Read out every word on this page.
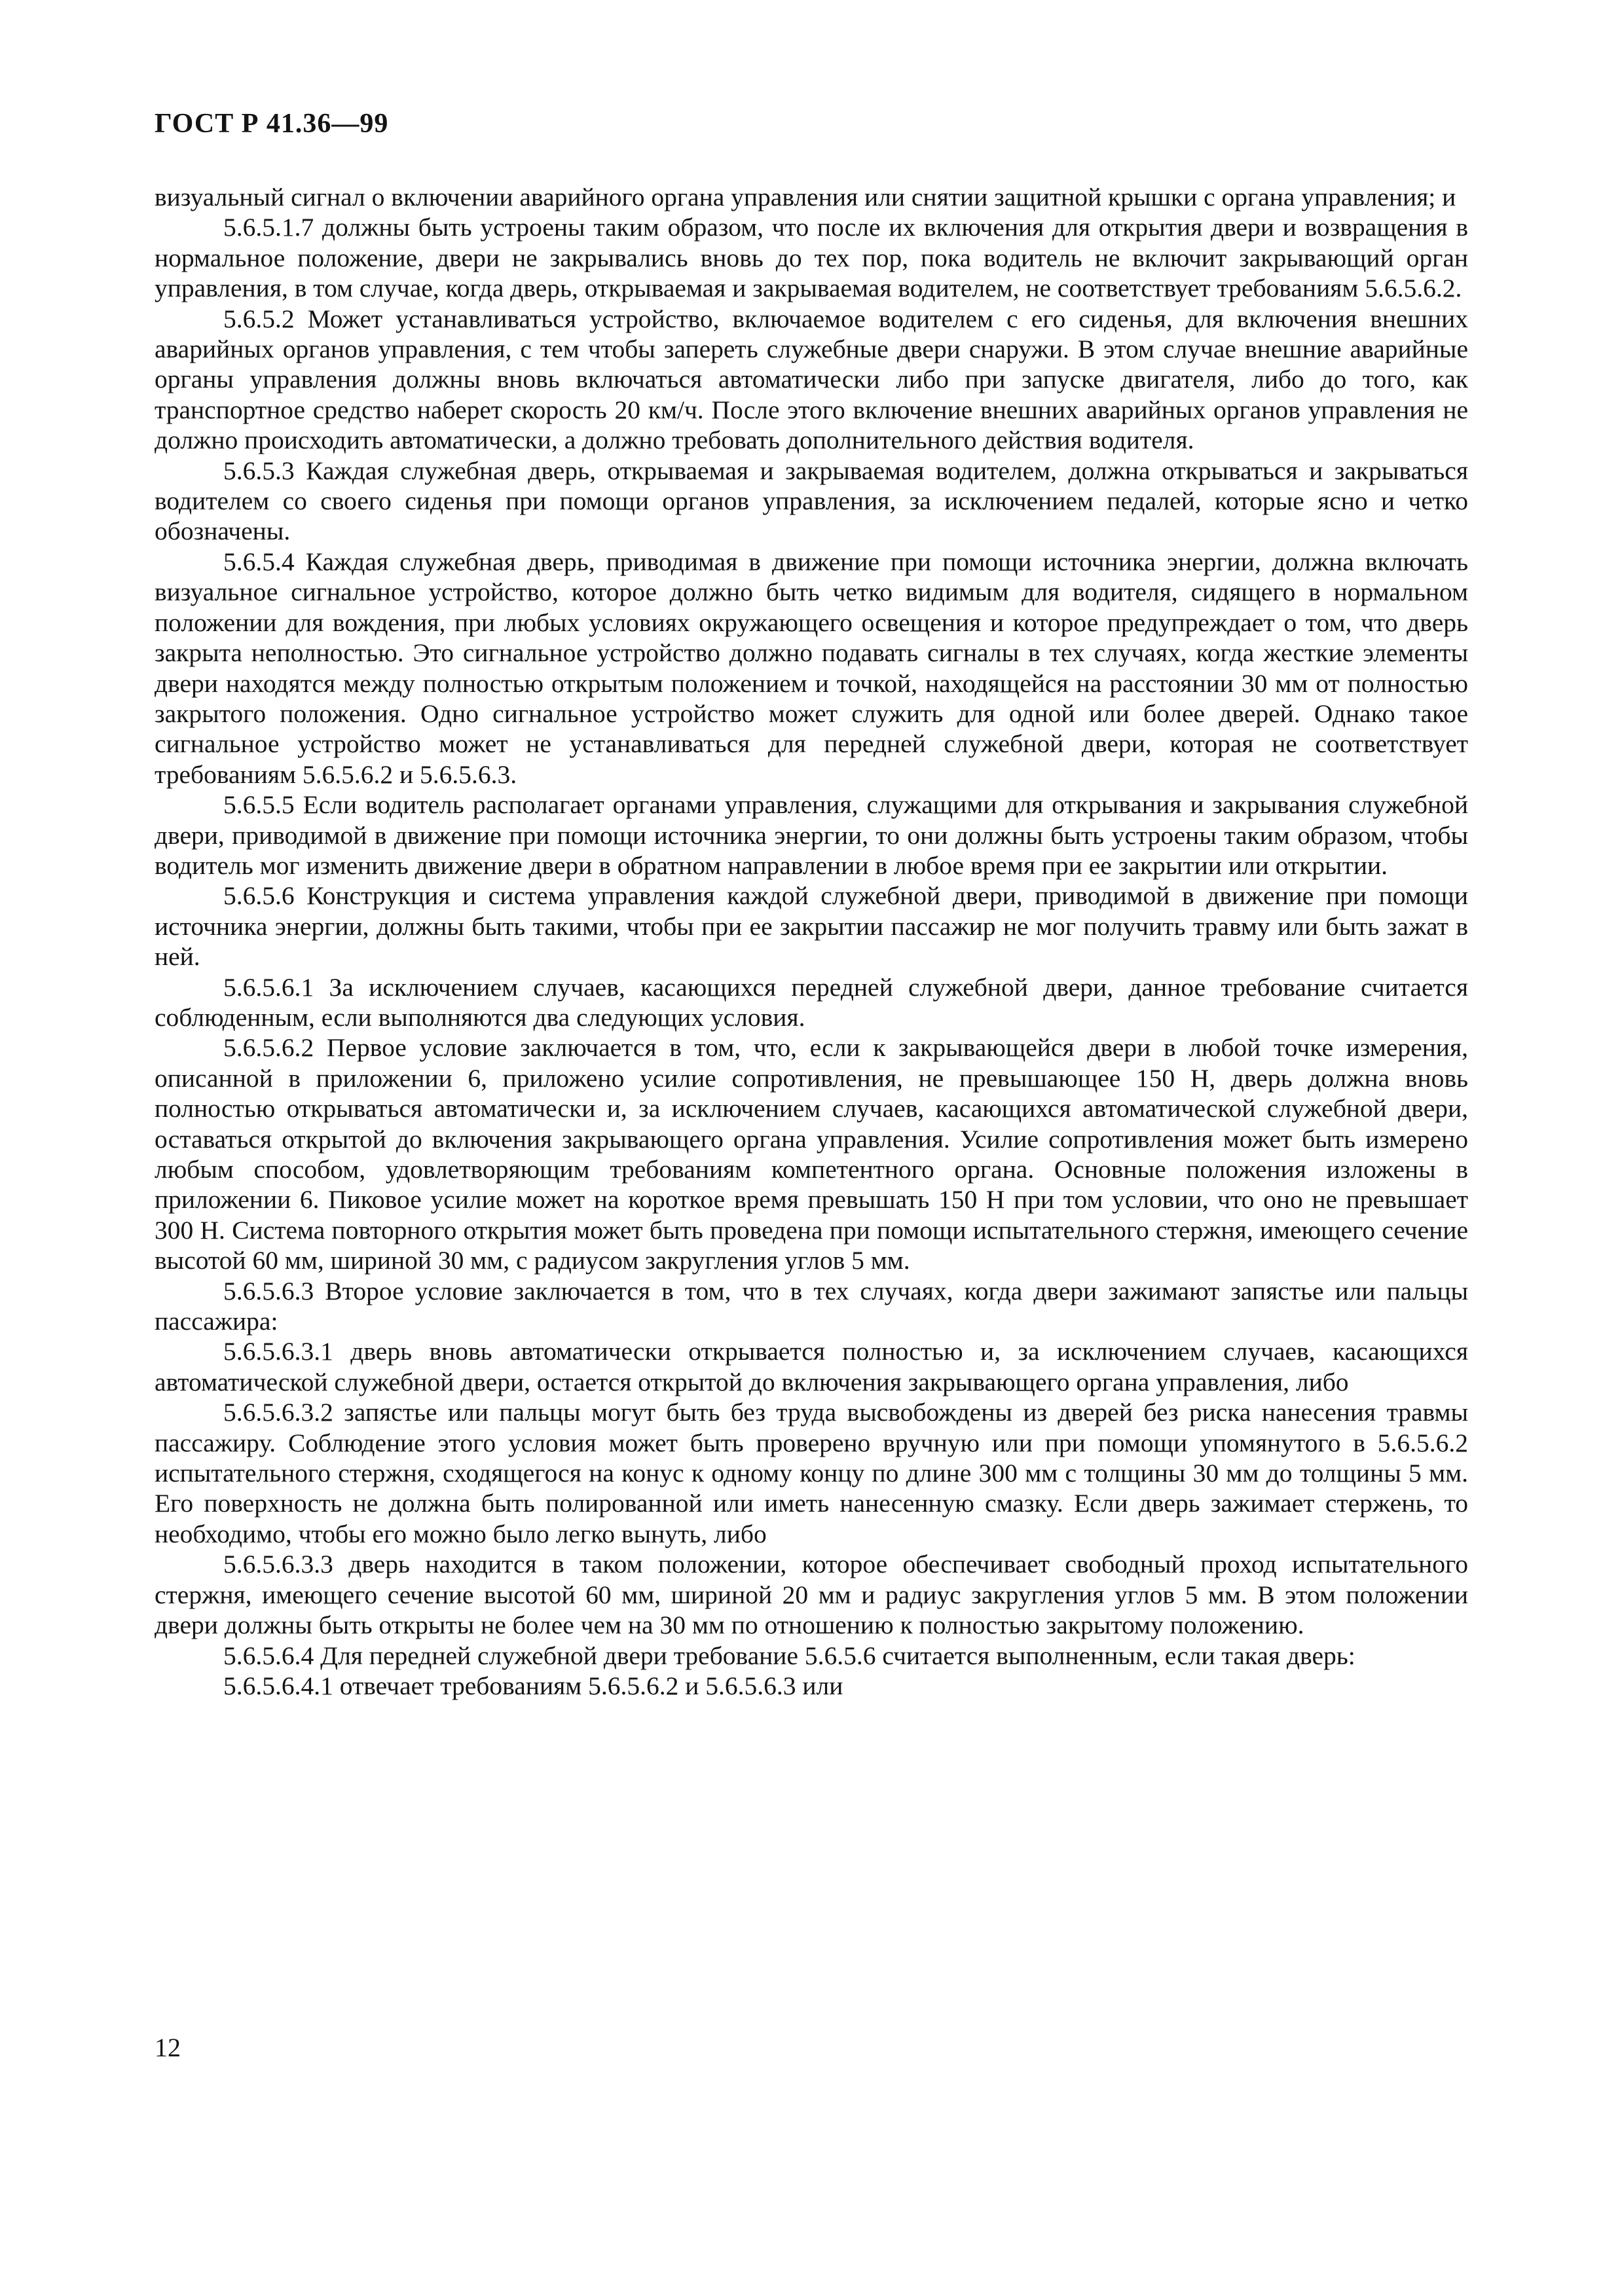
ГОСТ Р 41.36—99

визуальный сигнал о включении аварийного органа управления или снятии защитной крышки с органа управления; и

5.6.5.1.7 должны быть устроены таким образом, что после их включения для открытия двери и возвращения в нормальное положение, двери не закрывались вновь до тех пор, пока водитель не включит закрывающий орган управления, в том случае, когда дверь, открываемая и закрываемая водителем, не соответствует требованиям 5.6.5.6.2.

5.6.5.2 Может устанавливаться устройство, включаемое водителем с его сиденья, для включения внешних аварийных органов управления, с тем чтобы запереть служебные двери снаружи. В этом случае внешние аварийные органы управления должны вновь включаться автоматически либо при запуске двигателя, либо до того, как транспортное средство наберет скорость 20 км/ч. После этого включение внешних аварийных органов управления не должно происходить автоматически, а должно требовать дополнительного действия водителя.

5.6.5.3 Каждая служебная дверь, открываемая и закрываемая водителем, должна открываться и закрываться водителем со своего сиденья при помощи органов управления, за исключением педалей, которые ясно и четко обозначены.

5.6.5.4 Каждая служебная дверь, приводимая в движение при помощи источника энергии, должна включать визуальное сигнальное устройство, которое должно быть четко видимым для водителя, сидящего в нормальном положении для вождения, при любых условиях окружающего освещения и которое предупреждает о том, что дверь закрыта неполностью. Это сигнальное устройство должно подавать сигналы в тех случаях, когда жесткие элементы двери находятся между полностью открытым положением и точкой, находящейся на расстоянии 30 мм от полностью закрытого положения. Одно сигнальное устройство может служить для одной или более дверей. Однако такое сигнальное устройство может не устанавливаться для передней служебной двери, которая не соответствует требованиям 5.6.5.6.2 и 5.6.5.6.3.

5.6.5.5 Если водитель располагает органами управления, служащими для открывания и закрывания служебной двери, приводимой в движение при помощи источника энергии, то они должны быть устроены таким образом, чтобы водитель мог изменить движение двери в обратном направлении в любое время при ее закрытии или открытии.

5.6.5.6 Конструкция и система управления каждой служебной двери, приводимой в движение при помощи источника энергии, должны быть такими, чтобы при ее закрытии пассажир не мог получить травму или быть зажат в ней.

5.6.5.6.1 За исключением случаев, касающихся передней служебной двери, данное требование считается соблюденным, если выполняются два следующих условия.

5.6.5.6.2 Первое условие заключается в том, что, если к закрывающейся двери в любой точке измерения, описанной в приложении 6, приложено усилие сопротивления, не превышающее 150 Н, дверь должна вновь полностью открываться автоматически и, за исключением случаев, касающихся автоматической служебной двери, оставаться открытой до включения закрывающего органа управления. Усилие сопротивления может быть измерено любым способом, удовлетворяющим требованиям компетентного органа. Основные положения изложены в приложении 6. Пиковое усилие может на короткое время превышать 150 Н при том условии, что оно не превышает 300 Н. Система повторного открытия может быть проведена при помощи испытательного стержня, имеющего сечение высотой 60 мм, шириной 30 мм, с радиусом закругления углов 5 мм.

5.6.5.6.3 Второе условие заключается в том, что в тех случаях, когда двери зажимают запястье или пальцы пассажира:

5.6.5.6.3.1 дверь вновь автоматически открывается полностью и, за исключением случаев, касающихся автоматической служебной двери, остается открытой до включения закрывающего органа управления, либо

5.6.5.6.3.2 запястье или пальцы могут быть без труда высвобождены из дверей без риска нанесения травмы пассажиру. Соблюдение этого условия может быть проверено вручную или при помощи упомянутого в 5.6.5.6.2 испытательного стержня, сходящегося на конус к одному концу по длине 300 мм с толщины 30 мм до толщины 5 мм. Его поверхность не должна быть полированной или иметь нанесенную смазку. Если дверь зажимает стержень, то необходимо, чтобы его можно было легко вынуть, либо

5.6.5.6.3.3 дверь находится в таком положении, которое обеспечивает свободный проход испытательного стержня, имеющего сечение высотой 60 мм, шириной 20 мм и радиус закругления углов 5 мм. В этом положении двери должны быть открыты не более чем на 30 мм по отношению к полностью закрытому положению.

5.6.5.6.4 Для передней служебной двери требование 5.6.5.6 считается выполненным, если такая дверь:

5.6.5.6.4.1 отвечает требованиям 5.6.5.6.2 и 5.6.5.6.3 или

12
